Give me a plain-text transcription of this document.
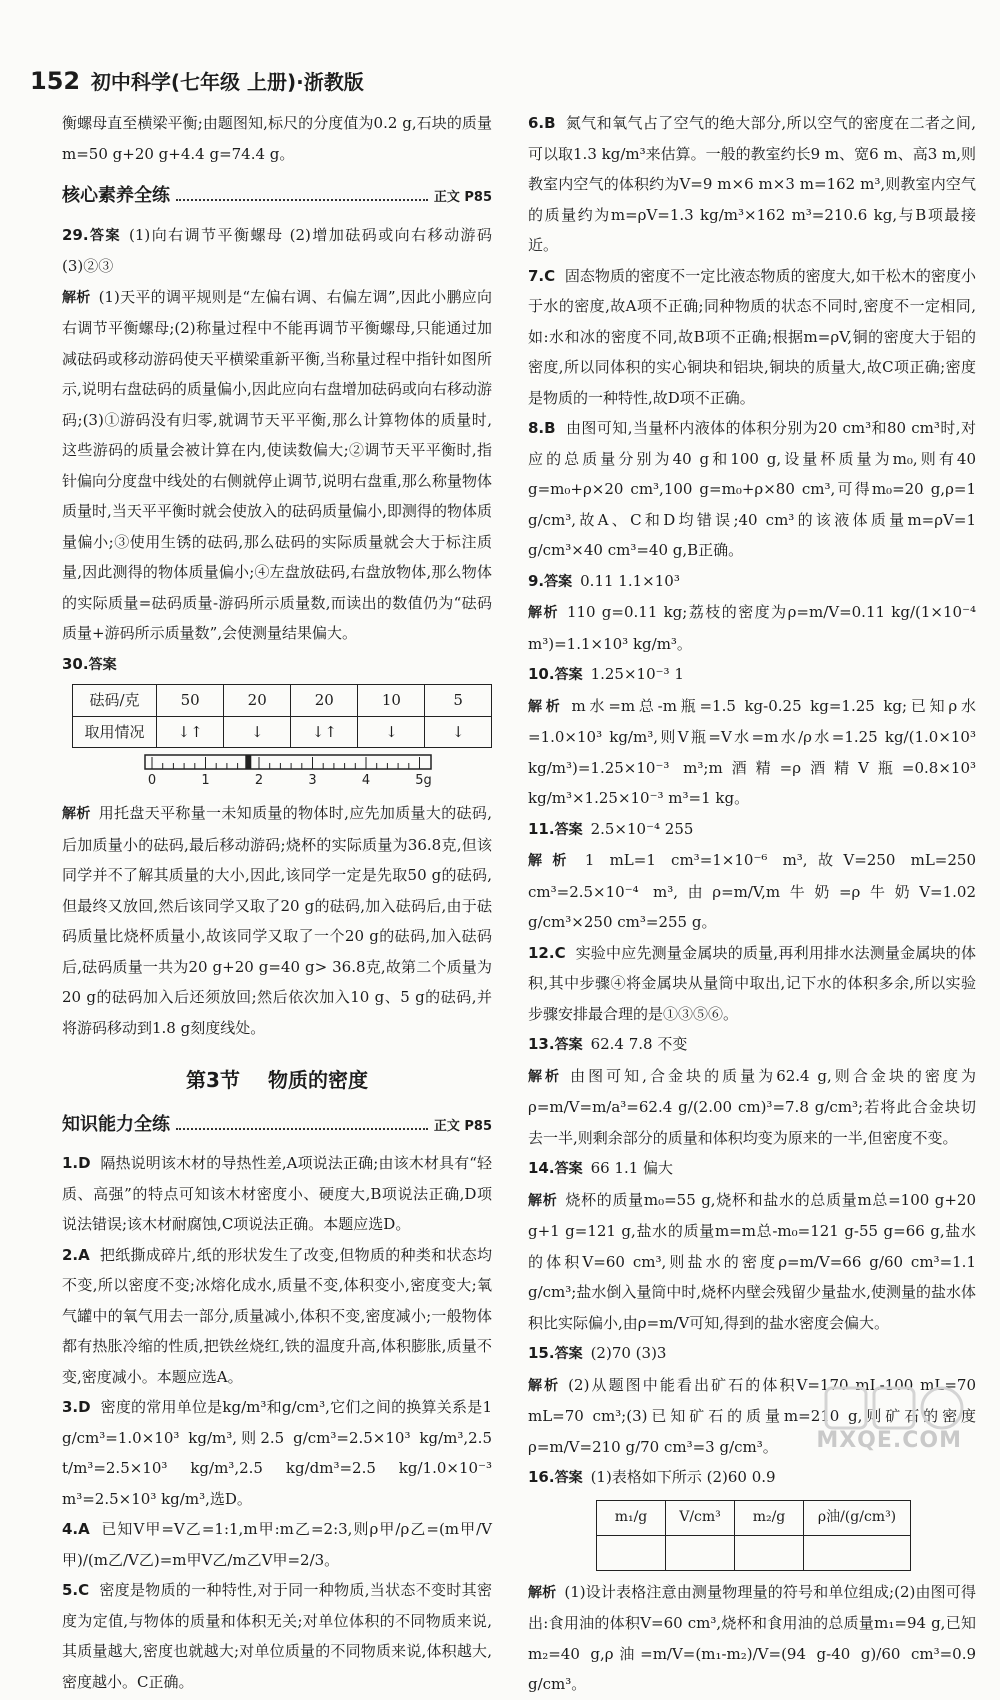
152 初中科学(七年级 上册)·浙教版

衡螺母直至横梁平衡;由题图知,标尺的分度值为0.2 g,石块的质量m=50 g+20 g+4.4 g=74.4 g。

核心素养全练	正文 P85

29.答案 (1)向右调节平衡螺母 (2)增加砝码或向右移动游码(3)②③

解析 (1)天平的调平规则是“左偏右调、右偏左调”,因此小鹏应向右调节平衡螺母;(2)称量过程中不能再调节平衡螺母,只能通过加减砝码或移动游码使天平横梁重新平衡,当称量过程中指针如图所示,说明右盘砝码的质量偏小,因此应向右盘增加砝码或向右移动游码;(3)①游码没有归零,就调节天平平衡,那么计算物体的质量时,这些游码的质量会被计算在内,使读数偏大;②调节天平平衡时,指针偏向分度盘中线处的右侧就停止调节,说明右盘重,那么称量物体质量时,当天平平衡时就会使放入的砝码质量偏小,即测得的物体质量偏小;③使用生锈的砝码,那么砝码的实际质量就会大于标注质量,因此测得的物体质量偏小;④左盘放砝码,右盘放物体,那么物体的实际质量=砝码质量-游码所示质量数,而读出的数值仍为“砝码质量+游码所示质量数”,会使测量结果偏大。

30.答案

砝码/克	50	20	20	10	5
取用情况	↓↑	↓	↓↑	↓	↓
0	1	2	3	4	5g

解析 用托盘天平称量一未知质量的物体时,应先加质量大的砝码,后加质量小的砝码,最后移动游码;烧杯的实际质量为36.8克,但该同学并不了解其质量的大小,因此,该同学一定是先取50 g的砝码,但最终又放回,然后该同学又取了20 g的砝码,加入砝码后,由于砝码质量比烧杯质量小,故该同学又取了一个20 g的砝码,加入砝码后,砝码质量一共为20 g+20 g=40 g> 36.8克,故第二个质量为20 g的砝码加入后还须放回;然后依次加入10 g、5 g的砝码,并将游码移动到1.8 g刻度线处。

第3节 物质的密度
知识能力全练	正文 P85

1.D 隔热说明该木材的导热性差,A项说法正确;由该木材具有“轻质、高强”的特点可知该木材密度小、硬度大,B项说法正确,D项说法错误;该木材耐腐蚀,C项说法正确。本题应选D。

2.A 把纸撕成碎片,纸的形状发生了改变,但物质的种类和状态均不变,所以密度不变;冰熔化成水,质量不变,体积变小,密度变大;氧气罐中的氧气用去一部分,质量减小,体积不变,密度减小;一般物体都有热胀冷缩的性质,把铁丝烧红,铁的温度升高,体积膨胀,质量不变,密度减小。本题应选A。

3.D 密度的常用单位是kg/m³和g/cm³,它们之间的换算关系是1 g/cm³=1.0×10³ kg/m³,则2.5 g/cm³=2.5×10³ kg/m³,2.5 t/m³=2.5×10³ kg/m³,2.5 kg/dm³=2.5 kg/1.0×10⁻³ m³=2.5×10³ kg/m³,选D。

4.A 已知V甲=V乙=1:1,m甲:m乙=2:3,则ρ甲/ρ乙=(m甲/V甲)/(m乙/V乙)=m甲V乙/m乙V甲=2/3。

5.C 密度是物质的一种特性,对于同一种物质,当状态不变时其密度为定值,与物体的质量和体积无关;对单位体积的不同物质来说,其质量越大,密度也就越大;对单位质量的不同物质来说,体积越大,密度越小。C正确。

6.B 氮气和氧气占了空气的绝大部分,所以空气的密度在二者之间,可以取1.3 kg/m³来估算。一般的教室约长9 m、宽6 m、高3 m,则教室内空气的体积约为V=9 m×6 m×3 m=162 m³,则教室内空气的质量约为m=ρV=1.3 kg/m³×162 m³=210.6 kg,与B项最接近。

7.C 固态物质的密度不一定比液态物质的密度大,如干松木的密度小于水的密度,故A项不正确;同种物质的状态不同时,密度不一定相同,如:水和冰的密度不同,故B项不正确;根据m=ρV,铜的密度大于铝的密度,所以同体积的实心铜块和铝块,铜块的质量大,故C项正确;密度是物质的一种特性,故D项不正确。

8.B 由图可知,当量杯内液体的体积分别为20 cm³和80 cm³时,对应的总质量分别为40 g和100 g,设量杯质量为m₀,则有40 g=m₀+ρ×20 cm³,100 g=m₀+ρ×80 cm³,可得m₀=20 g,ρ=1 g/cm³,故A、C和D均错误;40 cm³的该液体质量m=ρV=1 g/cm³×40 cm³=40 g,B正确。

9.答案 0.11 1.1×10³

解析 110 g=0.11 kg;荔枝的密度为ρ=m/V=0.11 kg/(1×10⁻⁴ m³)=1.1×10³ kg/m³。

10.答案 1.25×10⁻³ 1

解析 m水=m总-m瓶=1.5 kg-0.25 kg=1.25 kg;已知ρ水=1.0×10³ kg/m³,则V瓶=V水=m水/ρ水=1.25 kg/(1.0×10³ kg/m³)=1.25×10⁻³ m³;m酒精=ρ酒精V瓶=0.8×10³ kg/m³×1.25×10⁻³ m³=1 kg。

11.答案 2.5×10⁻⁴ 255

解析 1 mL=1 cm³=1×10⁻⁶ m³,故V=250 mL=250 cm³=2.5×10⁻⁴ m³,由ρ=m/V,m牛奶=ρ牛奶V=1.02 g/cm³×250 cm³=255 g。

12.C 实验中应先测量金属块的质量,再利用排水法测量金属块的体积,其中步骤④将金属块从量筒中取出,记下水的体积多余,所以实验步骤安排最合理的是①③⑤⑥。

13.答案 62.4 7.8 不变

解析 由图可知,合金块的质量为62.4 g,则合金块的密度为ρ=m/V=m/a³=62.4 g/(2.00 cm)³=7.8 g/cm³;若将此合金块切去一半,则剩余部分的质量和体积均变为原来的一半,但密度不变。

14.答案 66 1.1 偏大

解析 烧杯的质量m₀=55 g,烧杯和盐水的总质量m总=100 g+20 g+1 g=121 g,盐水的质量m=m总-m₀=121 g-55 g=66 g,盐水的体积V=60 cm³,则盐水的密度ρ=m/V=66 g/60 cm³=1.1 g/cm³;盐水倒入量筒中时,烧杯内壁会残留少量盐水,使测量的盐水体积比实际偏小,由ρ=m/V可知,得到的盐水密度会偏大。

15.答案 (2)70 (3)3

解析 (2)从题图中能看出矿石的体积V=170 mL-100 mL=70 mL=70 cm³;(3)已知矿石的质量m=210 g,则矿石的密度ρ=m/V=210 g/70 cm³=3 g/cm³。

16.答案 (1)表格如下所示 (2)60 0.9

m₁/g	V/cm³	m₂/g	ρ油/(g/cm³)

解析 (1)设计表格注意由测量物理量的符号和单位组成;(2)由图可得出:食用油的体积V=60 cm³,烧杯和食用油的总质量m₁=94 g,已知m₂=40 g,ρ油=m/V=(m₁-m₂)/V=(94 g-40 g)/60 cm³=0.9 g/cm³。

MXQE.COM
